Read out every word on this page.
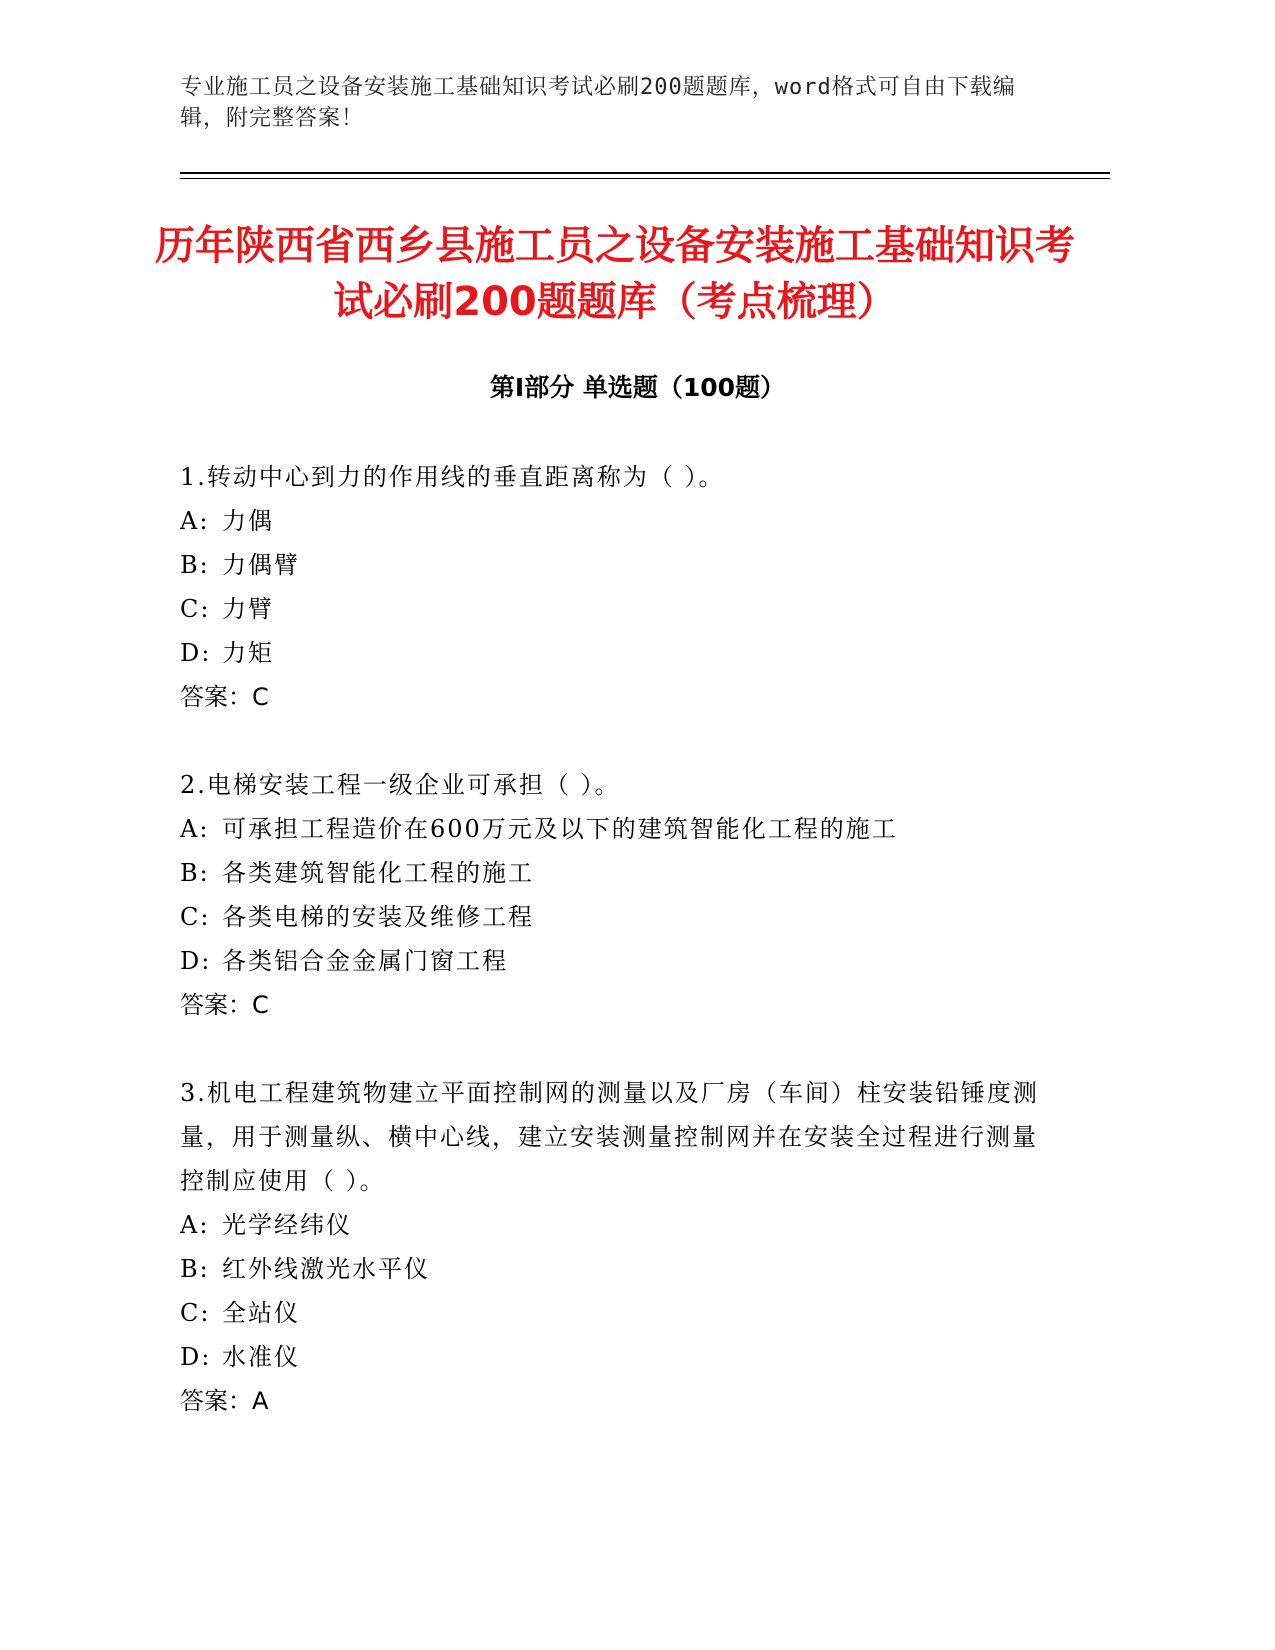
专业施工员之设备安装施工基础知识考试必刷200题题库，word格式可自由下载编辑，附完整答案！
历年陕西省西乡县施工员之设备安装施工基础知识考试必刷200题题库（考点梳理）
第Ⅰ部分 单选题（100题）
1.转动中心到力的作用线的垂直距离称为（ ）。
A: 力偶
B: 力偶臂
C: 力臂
D: 力矩
答案：C
2.电梯安装工程一级企业可承担（ ）。
A: 可承担工程造价在600万元及以下的建筑智能化工程的施工
B: 各类建筑智能化工程的施工
C: 各类电梯的安装及维修工程
D: 各类铝合金金属门窗工程
答案：C
3.机电工程建筑物建立平面控制网的测量以及厂房（车间）柱安装铅锤度测量，用于测量纵、横中心线，建立安装测量控制网并在安装全过程进行测量控制应使用（ ）。
A: 光学经纬仪
B: 红外线激光水平仪
C: 全站仪
D: 水准仪
答案：A
